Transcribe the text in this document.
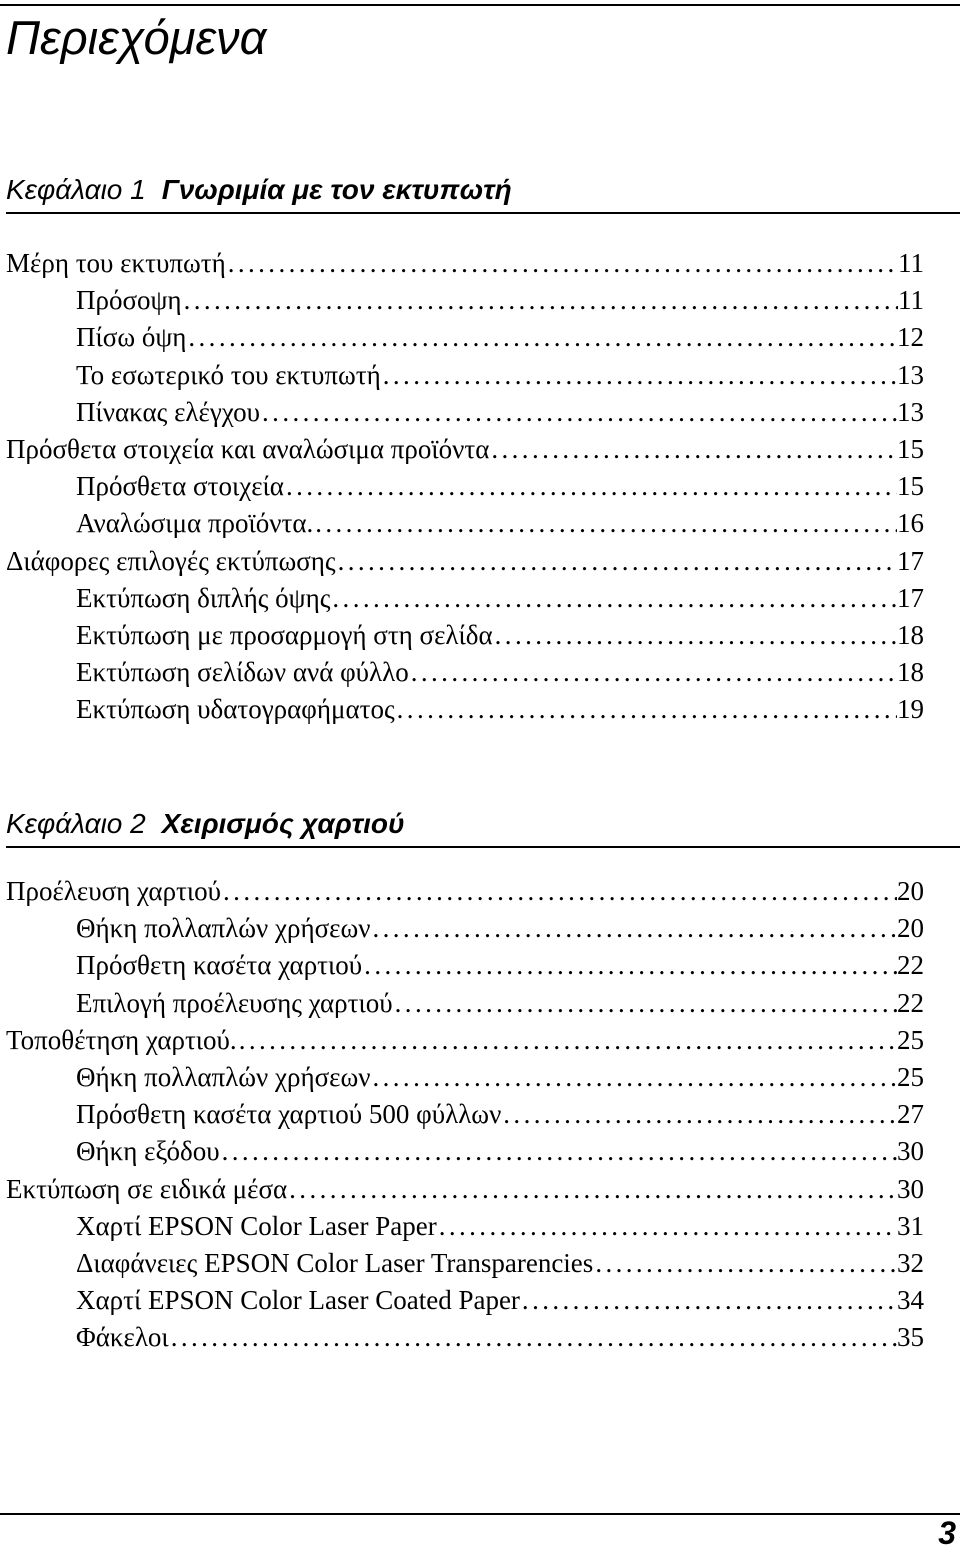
Περιεχόμενα
Κεφάλαιο 1 Γνωριμία με τον εκτυπωτή
Μέρη του εκτυπωτή .....	11
Πρόσοψη .....	11
Πίσω όψη .....	12
Το εσωτερικό του εκτυπωτή .....	13
Πίνακας ελέγχου .....	13
Πρόσθετα στοιχεία και αναλώσιμα προϊόντα .....	15
Πρόσθετα στοιχεία .....	15
Αναλώσιμα προϊόντα. .....	16
Διάφορες επιλογές εκτύπωσης .....	17
Εκτύπωση διπλής όψης .....	17
Εκτύπωση με προσαρμογή στη σελίδα .....	18
Εκτύπωση σελίδων ανά φύλλο .....	18
Εκτύπωση υδατογραφήματος .....	19
Κεφάλαιο 2 Χειρισμός χαρτιού
Προέλευση χαρτιού .....	20
Θήκη πολλαπλών χρήσεων .....	20
Πρόσθετη κασέτα χαρτιού .....	22
Επιλογή προέλευσης χαρτιού .....	22
Τοποθέτηση χαρτιού. .....	25
Θήκη πολλαπλών χρήσεων .....	25
Πρόσθετη κασέτα χαρτιού 500 φύλλων .....	27
Θήκη εξόδου .....	30
Εκτύπωση σε ειδικά μέσα .....	30
Χαρτί EPSON Color Laser Paper .....	31
Διαφάνειες EPSON Color Laser Transparencies .....	32
Χαρτί EPSON Color Laser Coated Paper .....	34
Φάκελοι .....	35
3
